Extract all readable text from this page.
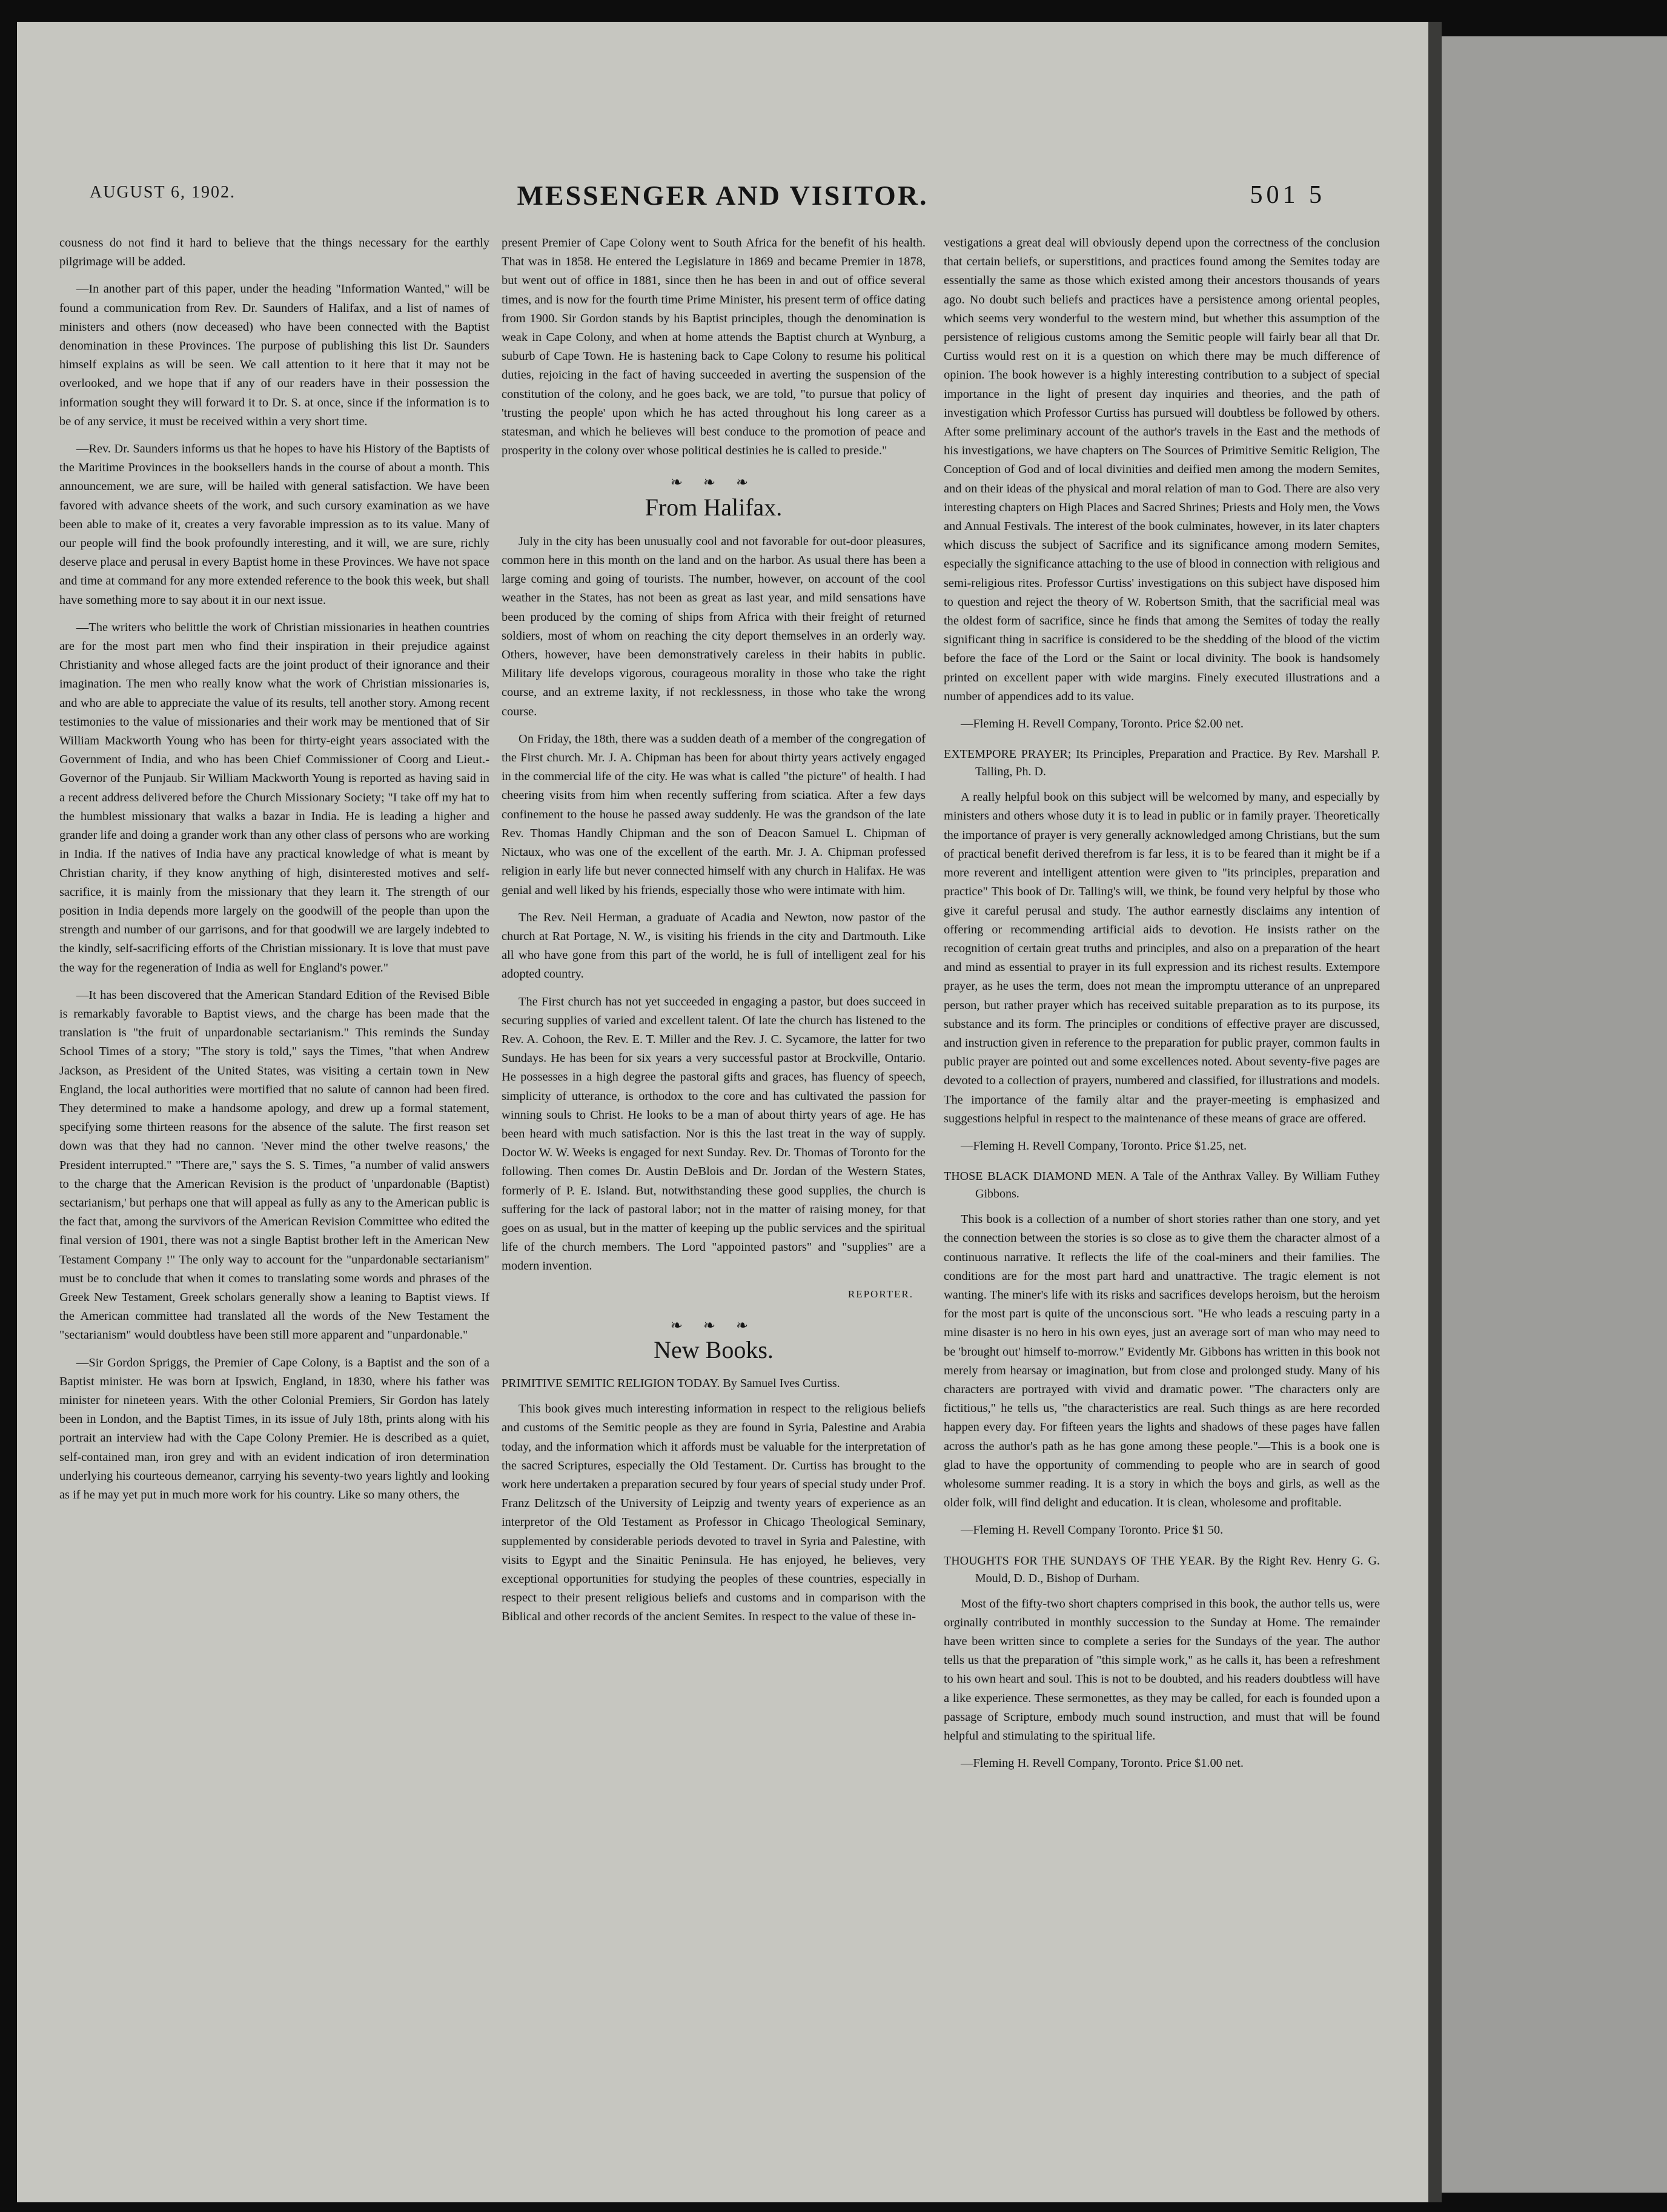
AUGUST 6, 1902.	MESSENGER AND VISITOR.	501 5

cousness do not find it hard to believe that the things necessary for the earthly pilgrimage will be added.

—In another part of this paper, under the heading "Information Wanted," will be found a communication from Rev. Dr. Saunders of Halifax, and a list of names of ministers and others (now deceased) who have been connected with the Baptist denomination in these Provinces. The purpose of publishing this list Dr. Saunders himself explains as will be seen. We call attention to it here that it may not be overlooked, and we hope that if any of our readers have in their possession the information sought they will forward it to Dr. S. at once, since if the information is to be of any service, it must be received within a very short time.

—Rev. Dr. Saunders informs us that he hopes to have his History of the Baptists of the Maritime Provinces in the booksellers hands in the course of about a month. This announcement, we are sure, will be hailed with general satisfaction. We have been favored with advance sheets of the work, and such cursory examination as we have been able to make of it, creates a very favorable impression as to its value. Many of our people will find the book profoundly interesting, and it will, we are sure, richly deserve place and perusal in every Baptist home in these Provinces. We have not space and time at command for any more extended reference to the book this week, but shall have something more to say about it in our next issue.

—The writers who belittle the work of Christian missionaries in heathen countries are for the most part men who find their inspiration in their prejudice against Christianity and whose alleged facts are the joint product of their ignorance and their imagination. The men who really know what the work of Christian missionaries is, and who are able to appreciate the value of its results, tell another story. Among recent testimonies to the value of missionaries and their work may be mentioned that of Sir William Mackworth Young who has been for thirty-eight years associated with the Government of India, and who has been Chief Commissioner of Coorg and Lieut.-Governor of the Punjaub. Sir William Mackworth Young is reported as having said in a recent address delivered before the Church Missionary Society; "I take off my hat to the humblest missionary that walks a bazar in India. He is leading a higher and grander life and doing a grander work than any other class of persons who are working in India. If the natives of India have any practical knowledge of what is meant by Christian charity, if they know anything of high, disinterested motives and self-sacrifice, it is mainly from the missionary that they learn it. The strength of our position in India depends more largely on the goodwill of the people than upon the strength and number of our garrisons, and for that goodwill we are largely indebted to the kindly, self-sacrificing efforts of the Christian missionary. It is love that must pave the way for the regeneration of India as well for England's power."

—It has been discovered that the American Standard Edition of the Revised Bible is remarkably favorable to Baptist views, and the charge has been made that the translation is "the fruit of unpardonable sectarianism." This reminds the Sunday School Times of a story; "The story is told," says the Times, "that when Andrew Jackson, as President of the United States, was visiting a certain town in New England, the local authorities were mortified that no salute of cannon had been fired. They determined to make a handsome apology, and drew up a formal statement, specifying some thirteen reasons for the absence of the salute. The first reason set down was that they had no cannon. 'Never mind the other twelve reasons,' the President interrupted." "There are," says the S. S. Times, "a number of valid answers to the charge that the American Revision is the product of 'unpardonable (Baptist) sectarianism,' but perhaps one that will appeal as fully as any to the American public is the fact that, among the survivors of the American Revision Committee who edited the final version of 1901, there was not a single Baptist brother left in the American New Testament Company !" The only way to account for the "unpardonable sectarianism" must be to conclude that when it comes to translating some words and phrases of the Greek New Testament, Greek scholars generally show a leaning to Baptist views. If the American committee had translated all the words of the New Testament the "sectarianism" would doubtless have been still more apparent and "unpardonable."

—Sir Gordon Spriggs, the Premier of Cape Colony, is a Baptist and the son of a Baptist minister. He was born at Ipswich, England, in 1830, where his father was minister for nineteen years. With the other Colonial Premiers, Sir Gordon has lately been in London, and the Baptist Times, in its issue of July 18th, prints along with his portrait an interview had with the Cape Colony Premier. He is described as a quiet, self-contained man, iron grey and with an evident indication of iron determination underlying his courteous demeanor, carrying his seventy-two years lightly and looking as if he may yet put in much more work for his country. Like so many others, the

present Premier of Cape Colony went to South Africa for the benefit of his health. That was in 1858. He entered the Legislature in 1869 and became Premier in 1878, but went out of office in 1881, since then he has been in and out of office several times, and is now for the fourth time Prime Minister, his present term of office dating from 1900. Sir Gordon stands by his Baptist principles, though the denomination is weak in Cape Colony, and when at home attends the Baptist church at Wynburg, a suburb of Cape Town. He is hastening back to Cape Colony to resume his political duties, rejoicing in the fact of having succeeded in averting the suspension of the constitution of the colony, and he goes back, we are told, "to pursue that policy of 'trusting the people' upon which he has acted throughout his long career as a statesman, and which he believes will best conduce to the promotion of peace and prosperity in the colony over whose political destinies he is called to preside."

❧ ❧ ❧
From Halifax.

July in the city has been unusually cool and not favorable for out-door pleasures, common here in this month on the land and on the harbor. As usual there has been a large coming and going of tourists. The number, however, on account of the cool weather in the States, has not been as great as last year, and mild sensations have been produced by the coming of ships from Africa with their freight of returned soldiers, most of whom on reaching the city deport themselves in an orderly way. Others, however, have been demonstratively careless in their habits in public. Military life develops vigorous, courageous morality in those who take the right course, and an extreme laxity, if not recklessness, in those who take the wrong course.

On Friday, the 18th, there was a sudden death of a member of the congregation of the First church. Mr. J. A. Chipman has been for about thirty years actively engaged in the commercial life of the city. He was what is called "the picture" of health. I had cheering visits from him when recently suffering from sciatica. After a few days confinement to the house he passed away suddenly. He was the grandson of the late Rev. Thomas Handly Chipman and the son of Deacon Samuel L. Chipman of Nictaux, who was one of the excellent of the earth. Mr. J. A. Chipman professed religion in early life but never connected himself with any church in Halifax. He was genial and well liked by his friends, especially those who were intimate with him.

The Rev. Neil Herman, a graduate of Acadia and Newton, now pastor of the church at Rat Portage, N. W., is visiting his friends in the city and Dartmouth. Like all who have gone from this part of the world, he is full of intelligent zeal for his adopted country.

The First church has not yet succeeded in engaging a pastor, but does succeed in securing supplies of varied and excellent talent. Of late the church has listened to the Rev. A. Cohoon, the Rev. E. T. Miller and the Rev. J. C. Sycamore, the latter for two Sundays. He has been for six years a very successful pastor at Brockville, Ontario. He possesses in a high degree the pastoral gifts and graces, has fluency of speech, simplicity of utterance, is orthodox to the core and has cultivated the passion for winning souls to Christ. He looks to be a man of about thirty years of age. He has been heard with much satisfaction. Nor is this the last treat in the way of supply. Doctor W. W. Weeks is engaged for next Sunday. Rev. Dr. Thomas of Toronto for the following. Then comes Dr. Austin DeBlois and Dr. Jordan of the Western States, formerly of P. E. Island. But, notwithstanding these good supplies, the church is suffering for the lack of pastoral labor; not in the matter of raising money, for that goes on as usual, but in the matter of keeping up the public services and the spiritual life of the church members. The Lord "appointed pastors" and "supplies" are a modern invention.

REPORTER.
❧ ❧ ❧
New Books.
PRIMITIVE SEMITIC RELIGION TODAY. By Samuel Ives Curtiss.

This book gives much interesting information in respect to the religious beliefs and customs of the Semitic people as they are found in Syria, Palestine and Arabia today, and the information which it affords must be valuable for the interpretation of the sacred Scriptures, especially the Old Testament. Dr. Curtiss has brought to the work here undertaken a preparation secured by four years of special study under Prof. Franz Delitzsch of the University of Leipzig and twenty years of experience as an interpretor of the Old Testament as Professor in Chicago Theological Seminary, supplemented by considerable periods devoted to travel in Syria and Palestine, with visits to Egypt and the Sinaitic Peninsula. He has enjoyed, he believes, very exceptional opportunities for studying the peoples of these countries, especially in respect to their present religious beliefs and customs and in comparison with the Biblical and other records of the ancient Semites. In respect to the value of these in-

vestigations a great deal will obviously depend upon the correctness of the conclusion that certain beliefs, or superstitions, and practices found among the Semites today are essentially the same as those which existed among their ancestors thousands of years ago. No doubt such beliefs and practices have a persistence among oriental peoples, which seems very wonderful to the western mind, but whether this assumption of the persistence of religious customs among the Semitic people will fairly bear all that Dr. Curtiss would rest on it is a question on which there may be much difference of opinion. The book however is a highly interesting contribution to a subject of special importance in the light of present day inquiries and theories, and the path of investigation which Professor Curtiss has pursued will doubtless be followed by others. After some preliminary account of the author's travels in the East and the methods of his investigations, we have chapters on The Sources of Primitive Semitic Religion, The Conception of God and of local divinities and deified men among the modern Semites, and on their ideas of the physical and moral relation of man to God. There are also very interesting chapters on High Places and Sacred Shrines; Priests and Holy men, the Vows and Annual Festivals. The interest of the book culminates, however, in its later chapters which discuss the subject of Sacrifice and its significance among modern Semites, especially the significance attaching to the use of blood in connection with religious and semi-religious rites. Professor Curtiss' investigations on this subject have disposed him to question and reject the theory of W. Robertson Smith, that the sacrificial meal was the oldest form of sacrifice, since he finds that among the Semites of today the really significant thing in sacrifice is considered to be the shedding of the blood of the victim before the face of the Lord or the Saint or local divinity. The book is handsomely printed on excellent paper with wide margins. Finely executed illustrations and a number of appendices add to its value.

—Fleming H. Revell Company, Toronto. Price $2.00 net.
EXTEMPORE PRAYER; Its Principles, Preparation and Practice. By Rev. Marshall P. Talling, Ph. D.

A really helpful book on this subject will be welcomed by many, and especially by ministers and others whose duty it is to lead in public or in family prayer. Theoretically the importance of prayer is very generally acknowledged among Christians, but the sum of practical benefit derived therefrom is far less, it is to be feared than it might be if a more reverent and intelligent attention were given to "its principles, preparation and practice" This book of Dr. Talling's will, we think, be found very helpful by those who give it careful perusal and study. The author earnestly disclaims any intention of offering or recommending artificial aids to devotion. He insists rather on the recognition of certain great truths and principles, and also on a preparation of the heart and mind as essential to prayer in its full expression and its richest results. Extempore prayer, as he uses the term, does not mean the impromptu utterance of an unprepared person, but rather prayer which has received suitable preparation as to its purpose, its substance and its form. The principles or conditions of effective prayer are discussed, and instruction given in reference to the preparation for public prayer, common faults in public prayer are pointed out and some excellences noted. About seventy-five pages are devoted to a collection of prayers, numbered and classified, for illustrations and models. The importance of the family altar and the prayer-meeting is emphasized and suggestions helpful in respect to the maintenance of these means of grace are offered.

—Fleming H. Revell Company, Toronto. Price $1.25, net.
THOSE BLACK DIAMOND MEN. A Tale of the Anthrax Valley. By William Futhey Gibbons.

This book is a collection of a number of short stories rather than one story, and yet the connection between the stories is so close as to give them the character almost of a continuous narrative. It reflects the life of the coal-miners and their families. The conditions are for the most part hard and unattractive. The tragic element is not wanting. The miner's life with its risks and sacrifices develops heroism, but the heroism for the most part is quite of the unconscious sort. "He who leads a rescuing party in a mine disaster is no hero in his own eyes, just an average sort of man who may need to be 'brought out' himself to-morrow." Evidently Mr. Gibbons has written in this book not merely from hearsay or imagination, but from close and prolonged study. Many of his characters are portrayed with vivid and dramatic power. "The characters only are fictitious," he tells us, "the characteristics are real. Such things as are here recorded happen every day. For fifteen years the lights and shadows of these pages have fallen across the author's path as he has gone among these people."—This is a book one is glad to have the opportunity of commending to people who are in search of good wholesome summer reading. It is a story in which the boys and girls, as well as the older folk, will find delight and education. It is clean, wholesome and profitable.

—Fleming H. Revell Company Toronto. Price $1 50.
THOUGHTS FOR THE SUNDAYS OF THE YEAR. By the Right Rev. Henry G. G. Mould, D. D., Bishop of Durham.

Most of the fifty-two short chapters comprised in this book, the author tells us, were orginally contributed in monthly succession to the Sunday at Home. The remainder have been written since to complete a series for the Sundays of the year. The author tells us that the preparation of "this simple work," as he calls it, has been a refreshment to his own heart and soul. This is not to be doubted, and his readers doubtless will have a like experience. These sermonettes, as they may be called, for each is founded upon a passage of Scripture, embody much sound instruction, and must that will be found helpful and stimulating to the spiritual life.

—Fleming H. Revell Company, Toronto. Price $1.00 net.
